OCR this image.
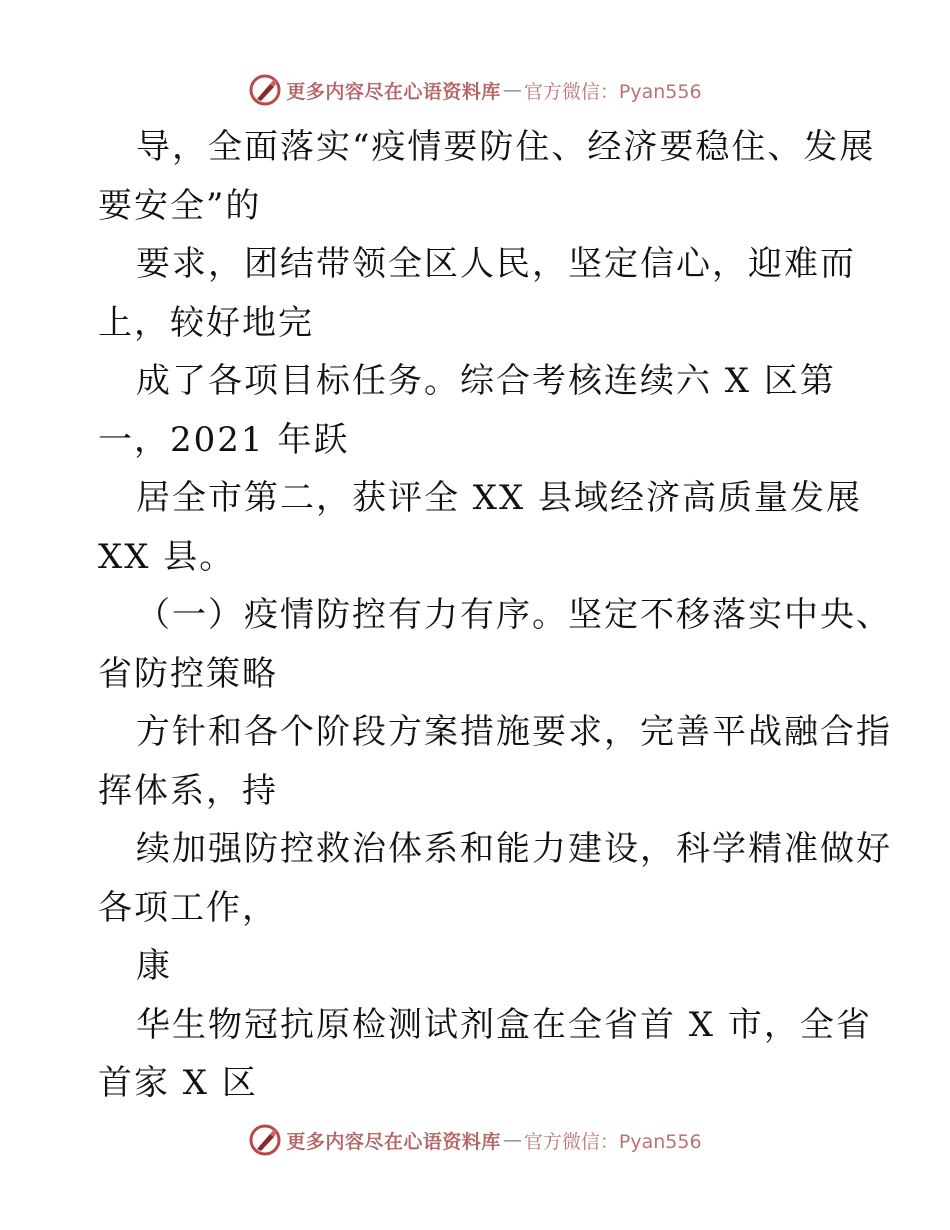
更多内容尽在心语资料库 — 官方微信：Pyan556
导，全面落实“疫情要防住、经济要稳住、发展
要安全”的
要求，团结带领全区人民，坚定信心，迎难而
上，较好地完
成了各项目标任务。综合考核连续六 X 区第
一，2021 年跃
居全市第二，获评全 XX 县域经济高质量发展
XX 县。
（一）疫情防控有力有序。坚定不移落实中央、
省防控策略
方针和各个阶段方案措施要求，完善平战融合指
挥体系，持
续加强防控救治体系和能力建设，科学精准做好
各项工作，
康
华生物冠抗原检测试剂盒在全省首 X 市，全省
首家 X 区
更多内容尽在心语资料库 — 官方微信：Pyan556
